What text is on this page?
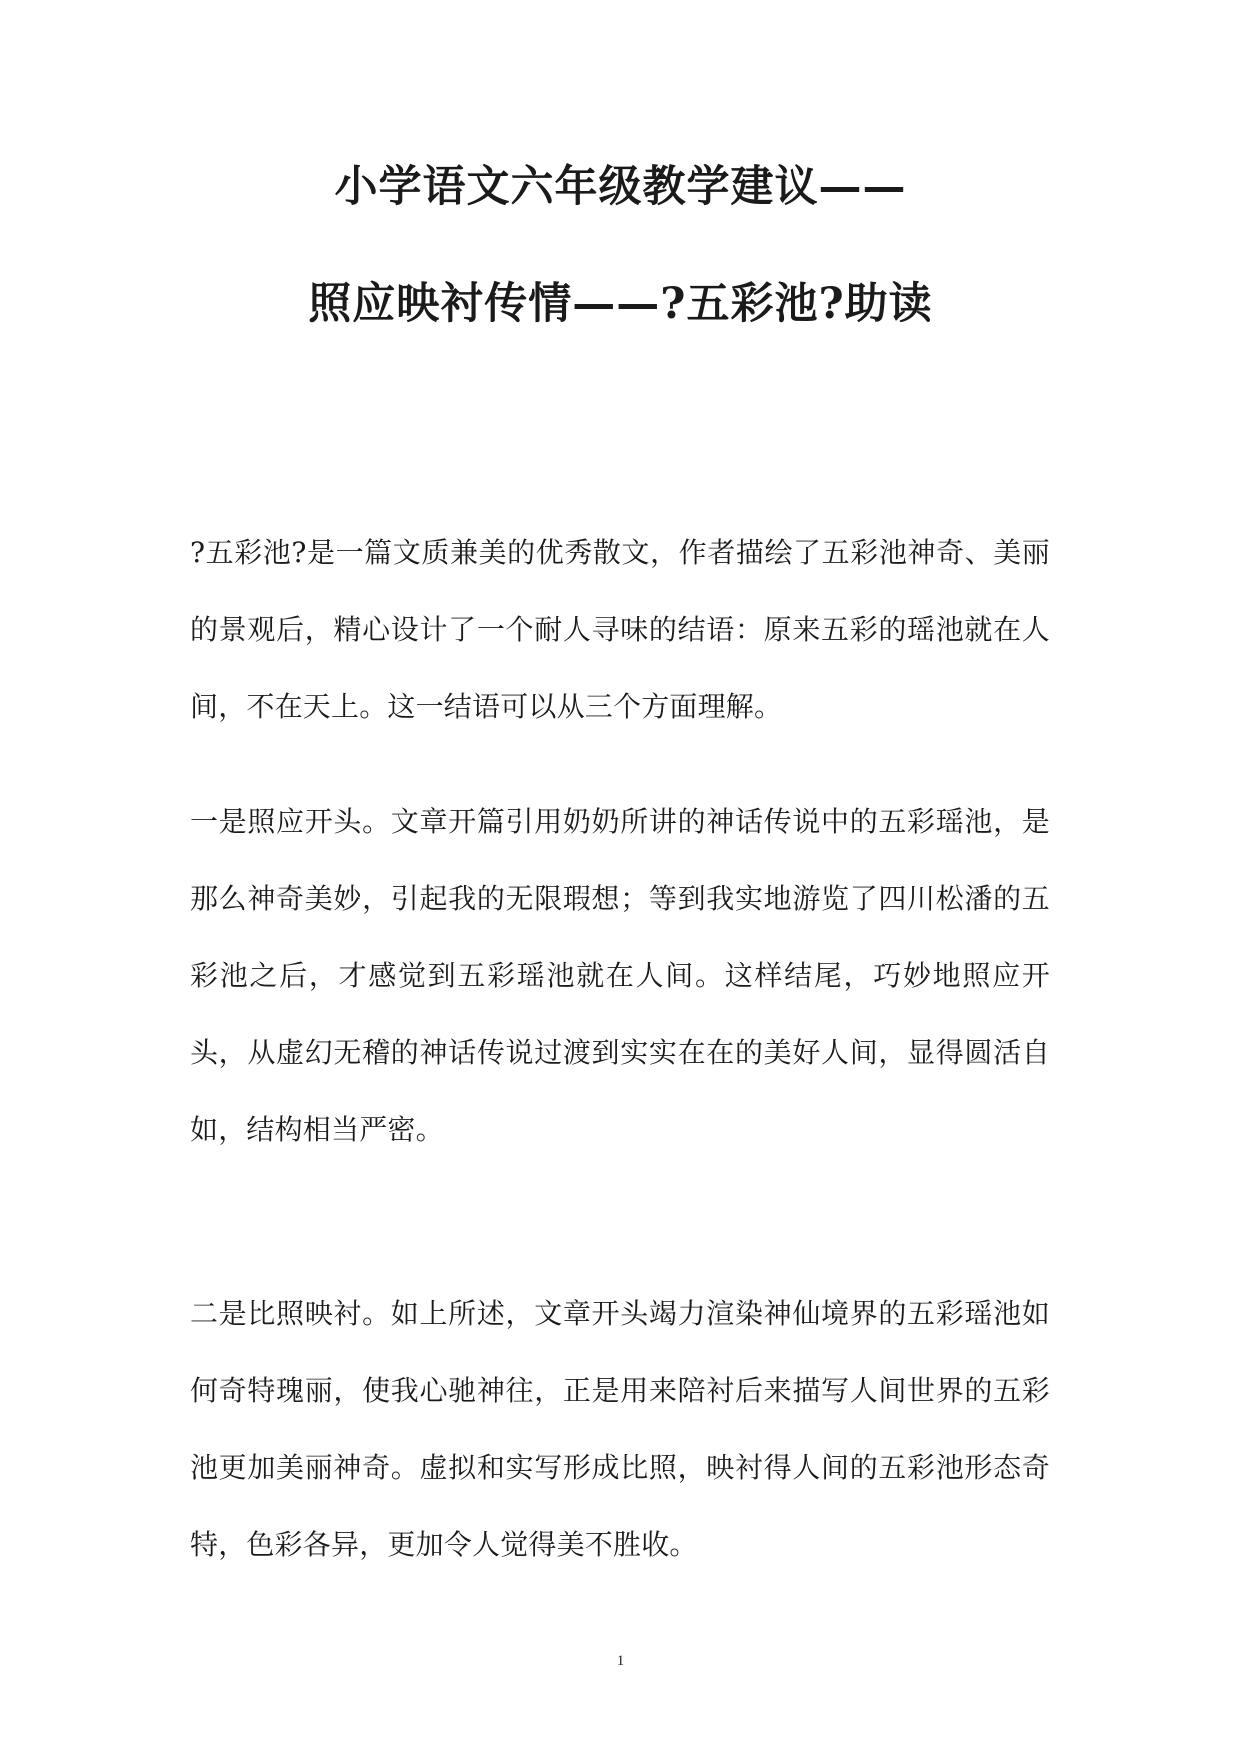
小学语文六年级教学建议——
照应映衬传情——?五彩池?助读

?五彩池?是一篇文质兼美的优秀散文，作者描绘了五彩池神奇、美丽的景观后，精心设计了一个耐人寻味的结语：原来五彩的瑶池就在人间，不在天上。这一结语可以从三个方面理解。

一是照应开头。文章开篇引用奶奶所讲的神话传说中的五彩瑶池，是那么神奇美妙，引起我的无限瑕想；等到我实地游览了四川松潘的五彩池之后，才感觉到五彩瑶池就在人间。这样结尾，巧妙地照应开头，从虚幻无稽的神话传说过渡到实实在在的美好人间，显得圆活自如，结构相当严密。

二是比照映衬。如上所述，文章开头竭力渲染神仙境界的五彩瑶池如何奇特瑰丽，使我心驰神往，正是用来陪衬后来描写人间世界的五彩池更加美丽神奇。虚拟和实写形成比照，映衬得人间的五彩池形态奇特，色彩各异，更加令人觉得美不胜收。

1
